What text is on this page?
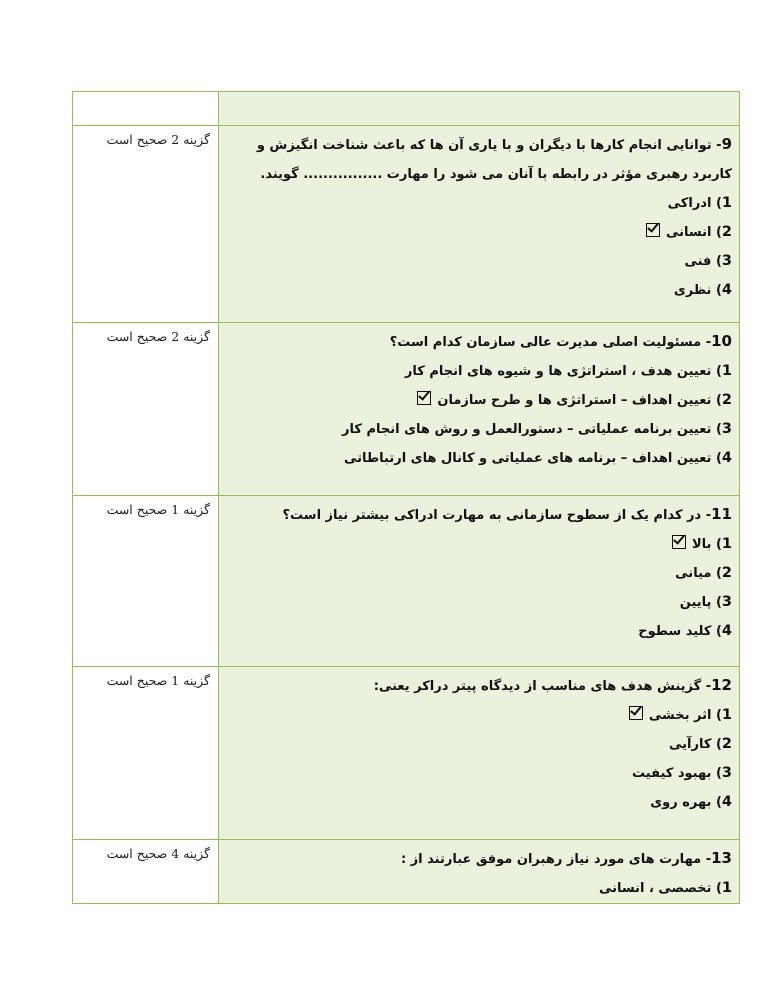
9- توانایی انجام کارها با دیگران و با یاری آن ها که باعث شناخت انگیزش و کاربرد رهبری مؤثر در رابطه با آنان می شود را مهارت ................ گویند.
1) ادراکی
2) انسانی
3) فنی
4) نظری	گزینه 2 صحیح است

10- مسئولیت اصلی مدیرت عالی سازمان کدام است؟
1) تعیین هدف ، استراتژی ها و شیوه های انجام کار
2) تعیین اهداف – استراتژی ها و طرح سازمان
3) تعیین برنامه عملیاتی – دستورالعمل و روش های انجام کار
4) تعیین اهداف – برنامه های عملیاتی و کانال های ارتباطاتی	گزینه 2 صحیح است

11- در کدام یک از سطوح سازمانی به مهارت ادراکی بیشتر نیاز است؟
1) بالا
2) میانی
3) پایین
4) کلید سطوح	گزینه 1 صحیح است

12- گزینش هدف های مناسب از دیدگاه پیتر دراکر یعنی:
1) اثر بخشی
2) کارآیی
3) بهبود کیفیت
4) بهره روی	گزینه 1 صحیح است

13- مهارت های مورد نیاز رهبران موفق عبارتند از :
1) تخصصی ، انسانی	گزینه 4 صحیح است
